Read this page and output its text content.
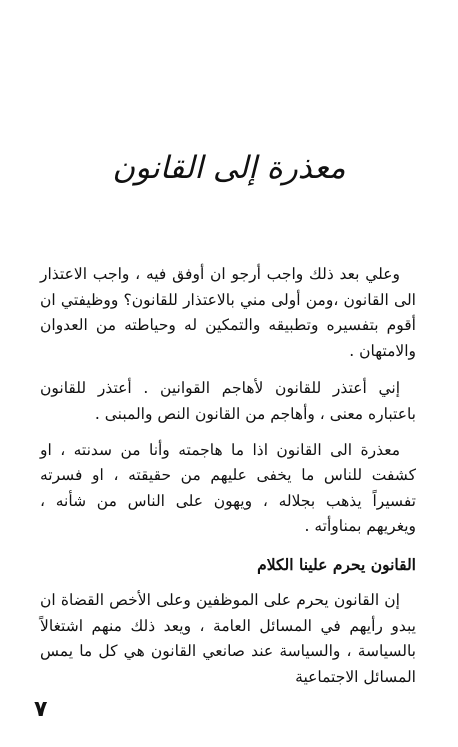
معذرة إلى القانون

وعلي بعد ذلك واجب أرجو ان أوفق فيه ، واجب الاعتذار الى القانون ،ومن أولى مني بالاعتذار للقانون؟ ووظيفتي ان أقوم بتفسيره وتطبيقه والتمكين له وحياطته من العدوان والامتهان .

إني أعتذر للقانون لأهاجم القوانين . أعتذر للقانون باعتباره معنى ، وأهاجم من القانون النص والمبنى .

معذرة الى القانون اذا ما هاجمته وأنا من سدنته ، او كشفت للناس ما يخفى عليهم من حقيقته ، او فسرته تفسيراً يذهب بجلاله ، ويهون على الناس من شأنه ، ويغريهم بمناوأته .

القانون يحرم علينا الكلام

إن القانون يحرم على الموظفين وعلى الأخص القضاة ان يبدو رأيهم في المسائل العامة ، ويعد ذلك منهم اشتغالاً بالسياسة ، والسياسة عند صانعي القانون هي كل ما يمس المسائل الاجتماعية

٧
